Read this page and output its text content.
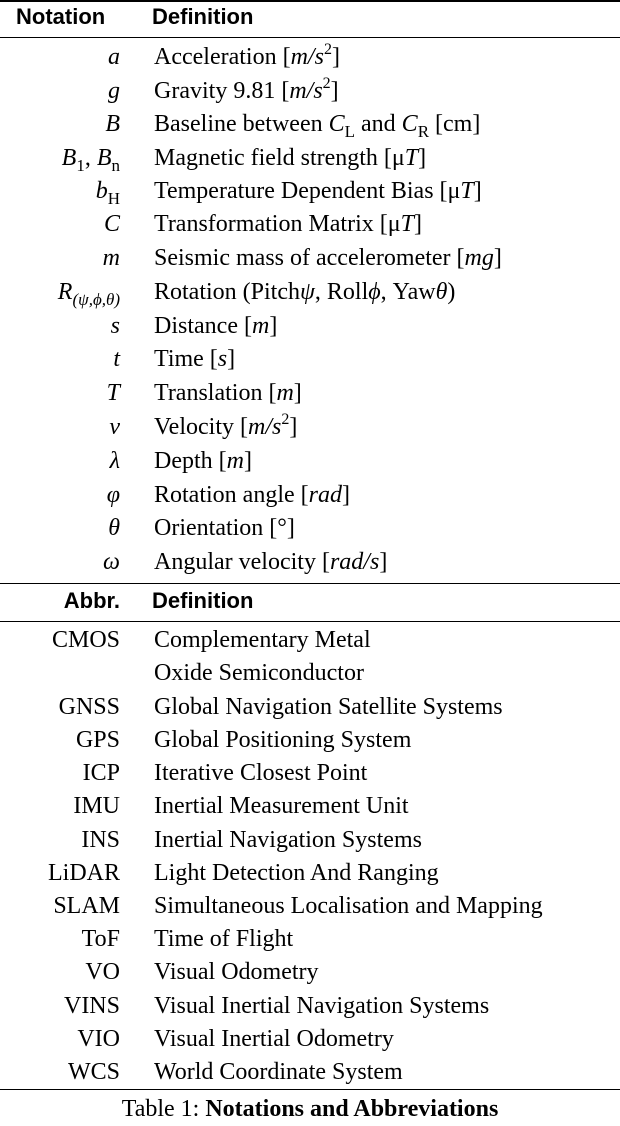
Notation Definition
a Acceleration $[m/s^2]$
g Gravity 9.81 $[m/s^2]$
B Baseline between $C_L$ and $C_R$ [cm]
$B_1$, $B_n$ Magnetic field strength [μT]
$b_H$ Temperature Dependent Bias [μT]
C Transformation Matrix [μT]
m Seismic mass of accelerometer [mg]
$R_{(\psi,\phi,\theta)}$ Rotation (Pitchψ, Rollϕ, Yawθ)
s Distance [m]
t Time [s]
T Translation [m]
v Velocity $[m/s^2]$
λ Depth [m]
φ Rotation angle [rad]
θ Orientation [°]
ω Angular velocity [rad/s]
Abbr. Definition
CMOS Complementary Metal
Oxide Semiconductor
GNSS Global Navigation Satellite Systems
GPS Global Positioning System
ICP Iterative Closest Point
IMU Inertial Measurement Unit
INS Inertial Navigation Systems
LiDAR Light Detection And Ranging
SLAM Simultaneous Localisation and Mapping
ToF Time of Flight
VO Visual Odometry
VINS Visual Inertial Navigation Systems
VIO Visual Inertial Odometry
WCS World Coordinate System
Table 1: Notations and Abbreviations
